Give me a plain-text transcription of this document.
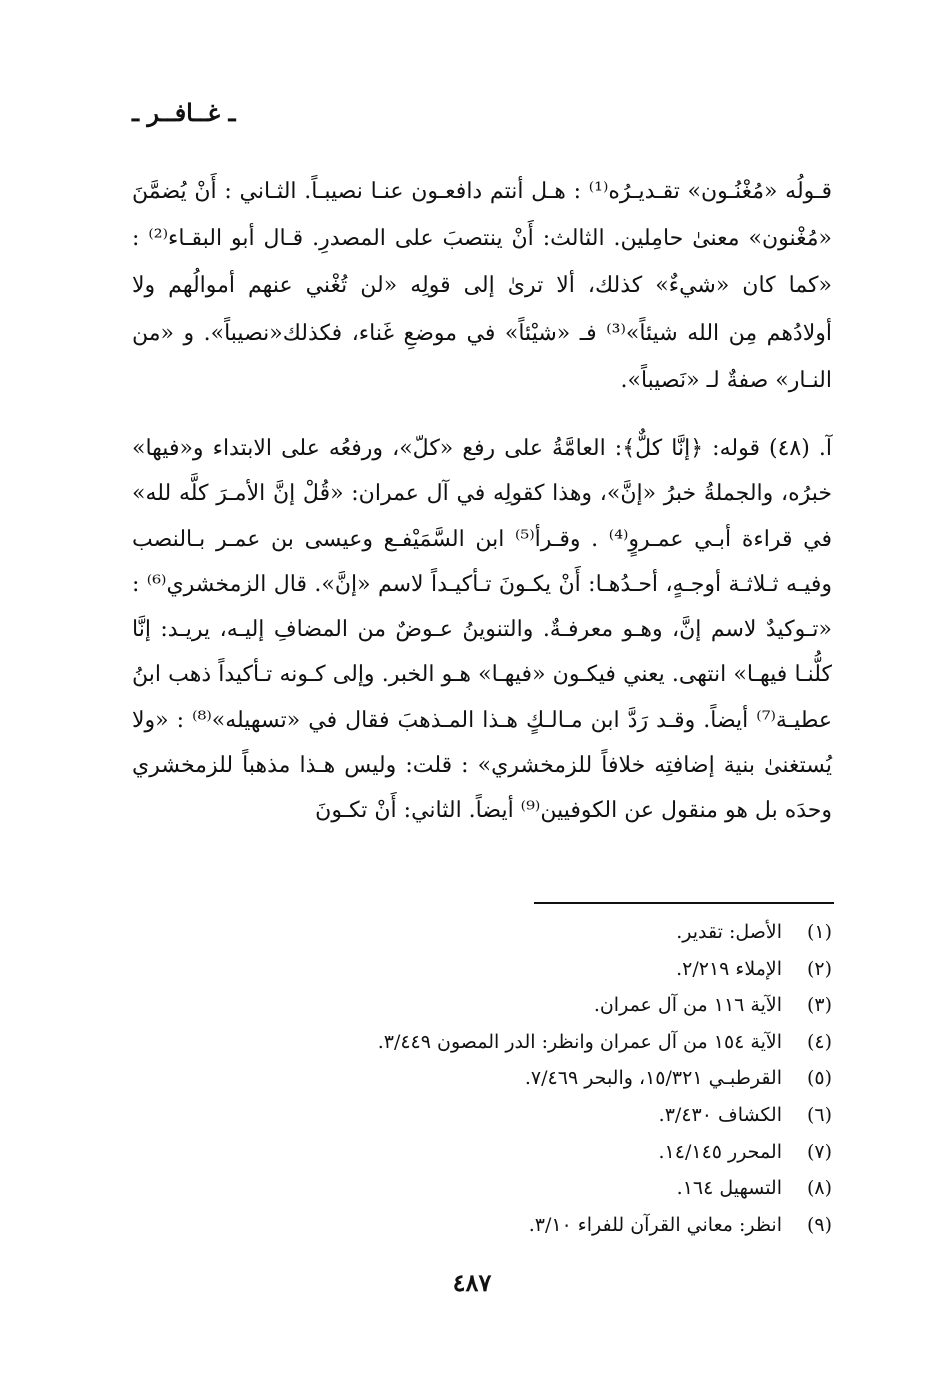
ـ غــافــر ـ
قـولُه «مُغْنُـون» تقـديـرُه⁽¹⁾ : هـل أنتم دافعـون عنـا نصيبـاً. الثـاني : أَنْ يُضمَّنَ «مُغْنون» معنىٰ حامِلين. الثالث: أَنْ ينتصبَ على المصدرِ. قـال أبو البقـاء⁽²⁾ : «كما كان «شيءٌ» كذلك، ألا ترىٰ إلى قولِه «لن تُغْني عنهم أموالُهم ولا أولادُهم مِن الله شيئاً»⁽³⁾ فـ «شيْئاً» في موضعِ غَناء، فكذلك«نصيباً». و «من النـار» صفةٌ لـ «نَصيباً».
آ. (٤٨) قوله: ﴿إنَّا كلٌّ﴾: العامَّةُ على رفع «كلّ»، ورفعُه على الابتداء و«فيها» خبرُه، والجملةُ خبرُ «إنَّ»، وهذا كقولِه في آل عمران: «قُلْ إنَّ الأمـرَ كلَّه لله» في قراءة أبـي عمـروٍ⁽⁴⁾ . وقـرأ⁽⁵⁾ ابن السَّمَيْفـع وعيسى بن عمـر بـالنصب وفيـه ثـلاثـة أوجـهٍ، أحـدُهـا: أَنْ يكـونَ تـأكيـداً لاسم «إنَّ». قال الزمخشري⁽⁶⁾ : «تـوكيدٌ لاسم إنَّ، وهـو معرفـةٌ. والتنوينُ عـوضٌ من المضافِ إليـه، يريـد: إنَّا كلُّنـا فيهـا» انتهى. يعني فيكـون «فيهـا» هـو الخبر. وإلى كـونه تـأكيداً ذهب ابنُ عطيـة⁽⁷⁾ أيضاً. وقـد رَدَّ ابن مـالـكٍ هـذا المـذهبَ فقال في «تسهيله»⁽⁸⁾ : «ولا يُستغنىٰ بنية إضافتِه خلافاً للزمخشري» : قلت: وليس هـذا مذهباً للزمخشري وحدَه بل هو منقول عن الكوفيين⁽⁹⁾ أيضاً. الثاني: أَنْ تكـونَ
(١)
الأصل: تقدير.
(٢)
الإملاء ٢/٢١٩.
(٣)
الآية ١١٦ من آل عمران.
(٤)
الآية ١٥٤ من آل عمران وانظر: الدر المصون ٣/٤٤٩.
(٥)
القرطبـي ١٥/٣٢١، والبحر ٧/٤٦٩.
(٦)
الكشاف ٣/٤٣٠.
(٧)
المحرر ١٤/١٤٥.
(٨)
التسهيل ١٦٤.
(٩)
انظر: معاني القرآن للفراء ٣/١٠.
٤٨٧
